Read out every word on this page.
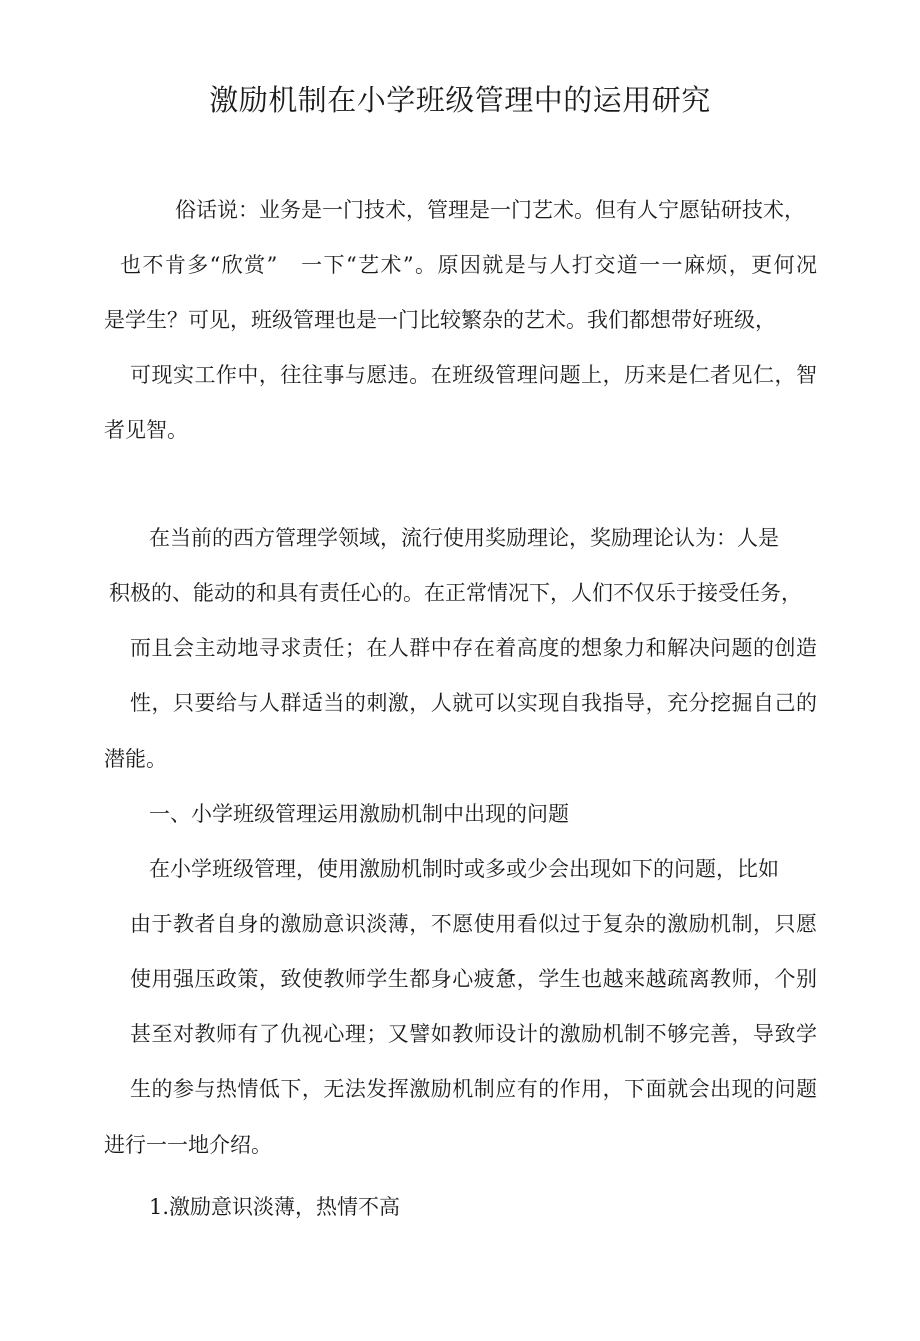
激励机制在小学班级管理中的运用研究
俗话说：业务是一门技术，管理是一门艺术。但有人宁愿钻研技术，
也不肯多“欣赏”　一下“艺术”。原因就是与人打交道一一麻烦，更何况
是学生？可见，班级管理也是一门比较繁杂的艺术。我们都想带好班级，
可现实工作中，往往事与愿违。在班级管理问题上，历来是仁者见仁，智
者见智。
在当前的西方管理学领域，流行使用奖励理论，奖励理论认为：人是
积极的、能动的和具有责任心的。在正常情况下，人们不仅乐于接受任务，
而且会主动地寻求责任；在人群中存在着高度的想象力和解决问题的创造
性，只要给与人群适当的刺激，人就可以实现自我指导，充分挖掘自己的
潜能。
一、小学班级管理运用激励机制中出现的问题
在小学班级管理，使用激励机制时或多或少会出现如下的问题，比如
由于教者自身的激励意识淡薄，不愿使用看似过于复杂的激励机制，只愿
使用强压政策，致使教师学生都身心疲惫，学生也越来越疏离教师，个别
甚至对教师有了仇视心理；又譬如教师设计的激励机制不够完善，导致学
生的参与热情低下，无法发挥激励机制应有的作用，下面就会出现的问题
进行一一地介绍。
1.激励意识淡薄，热情不高
